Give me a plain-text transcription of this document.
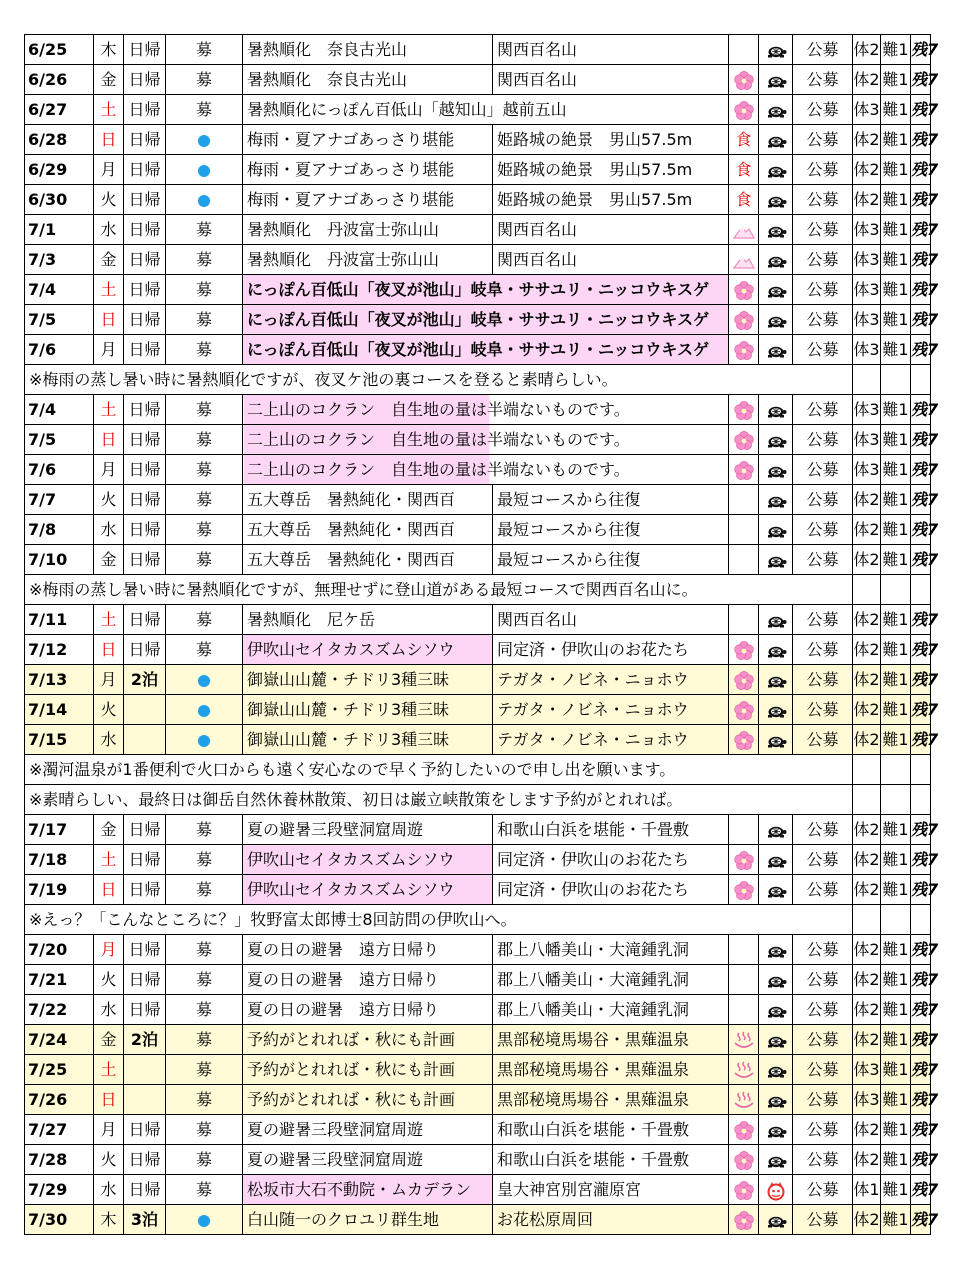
6/25	木	日帰	募	暑熱順化　奈良古光山	関西百名山			公募	体2	難1	残7
6/26	金	日帰	募	暑熱順化　奈良古光山	関西百名山			公募	体2	難1	残7
6/27	土	日帰	募	暑熱順化にっぽん百低山「越知山」越前五山				公募	体3	難1	残7
6/28	日	日帰		梅雨・夏アナゴあっさり堪能	姫路城の絶景　男山57.5m	食		公募	体2	難1	残7
6/29	月	日帰		梅雨・夏アナゴあっさり堪能	姫路城の絶景　男山57.5m	食		公募	体2	難1	残7
6/30	火	日帰		梅雨・夏アナゴあっさり堪能	姫路城の絶景　男山57.5m	食		公募	体2	難1	残7
7/1	水	日帰	募	暑熱順化　丹波富士弥山山	関西百名山			公募	体3	難1	残7
7/3	金	日帰	募	暑熱順化　丹波富士弥山山	関西百名山			公募	体3	難1	残7
7/4	土	日帰	募	にっぽん百低山「夜叉が池山」岐阜・ササユリ・ニッコウキスゲ				公募	体3	難1	残7
7/5	日	日帰	募	にっぽん百低山「夜叉が池山」岐阜・ササユリ・ニッコウキスゲ				公募	体3	難1	残7
7/6	月	日帰	募	にっぽん百低山「夜叉が池山」岐阜・ササユリ・ニッコウキスゲ				公募	体3	難1	残7
※梅雨の蒸し暑い時に暑熱順化ですが、夜叉ケ池の裏コースを登ると素晴らしい。											
7/4	土	日帰	募	二上山のコクラン　自生地の量は半端ないものです。				公募	体3	難1	残7
7/5	日	日帰	募	二上山のコクラン　自生地の量は半端ないものです。				公募	体3	難1	残7
7/6	月	日帰	募	二上山のコクラン　自生地の量は半端ないものです。				公募	体3	難1	残7
7/7	火	日帰	募	五大尊岳　暑熱純化・関西百	最短コースから往復			公募	体2	難1	残7
7/8	水	日帰	募	五大尊岳　暑熱純化・関西百	最短コースから往復			公募	体2	難1	残7
7/10	金	日帰	募	五大尊岳　暑熱純化・関西百	最短コースから往復			公募	体2	難1	残7
※梅雨の蒸し暑い時に暑熱順化ですが、無理せずに登山道がある最短コースで関西百名山に。											
7/11	土	日帰	募	暑熱順化　尼ケ岳	関西百名山			公募	体2	難1	残7
7/12	日	日帰	募	伊吹山セイタカスズムシソウ	同定済・伊吹山のお花たち			公募	体2	難1	残7
7/13	月	2泊		御嶽山山麓・チドリ3種三昧	テガタ・ノビネ・ニョホウ			公募	体2	難1	残7
7/14	火			御嶽山山麓・チドリ3種三昧	テガタ・ノビネ・ニョホウ			公募	体2	難1	残7
7/15	水			御嶽山山麓・チドリ3種三昧	テガタ・ノビネ・ニョホウ			公募	体2	難1	残7
※濁河温泉が1番便利で火口からも遠く安心なので早く予約したいので申し出を願います。											
※素晴らしい、最終日は御岳自然休養林散策、初日は巌立峡散策をします予約がとれれば。											
7/17	金	日帰	募	夏の避暑三段壁洞窟周遊	和歌山白浜を堪能・千畳敷			公募	体2	難1	残7
7/18	土	日帰	募	伊吹山セイタカスズムシソウ	同定済・伊吹山のお花たち			公募	体2	難1	残7
7/19	日	日帰	募	伊吹山セイタカスズムシソウ	同定済・伊吹山のお花たち			公募	体2	難1	残7
※えっ？「こんなところに？」牧野富太郎博士8回訪問の伊吹山へ。											
7/20	月	日帰	募	夏の日の避暑　遠方日帰り	郡上八幡美山・大滝鍾乳洞			公募	体2	難1	残7
7/21	火	日帰	募	夏の日の避暑　遠方日帰り	郡上八幡美山・大滝鍾乳洞			公募	体2	難1	残7
7/22	水	日帰	募	夏の日の避暑　遠方日帰り	郡上八幡美山・大滝鍾乳洞			公募	体2	難1	残7
7/24	金	2泊	募	予約がとれれば・秋にも計画	黒部秘境馬場谷・黒薙温泉			公募	体2	難1	残7
7/25	土		募	予約がとれれば・秋にも計画	黒部秘境馬場谷・黒薙温泉			公募	体3	難1	残7
7/26	日		募	予約がとれれば・秋にも計画	黒部秘境馬場谷・黒薙温泉			公募	体3	難1	残7
7/27	月	日帰	募	夏の避暑三段壁洞窟周遊	和歌山白浜を堪能・千畳敷			公募	体2	難1	残7
7/28	火	日帰	募	夏の避暑三段壁洞窟周遊	和歌山白浜を堪能・千畳敷			公募	体2	難1	残7
7/29	水	日帰	募	松坂市大石不動院・ムカデラン	皇大神宮別宮瀧原宮			公募	体1	難1	残7
7/30	木	3泊		白山随一のクロユリ群生地	お花松原周回			公募	体2	難1	残7
